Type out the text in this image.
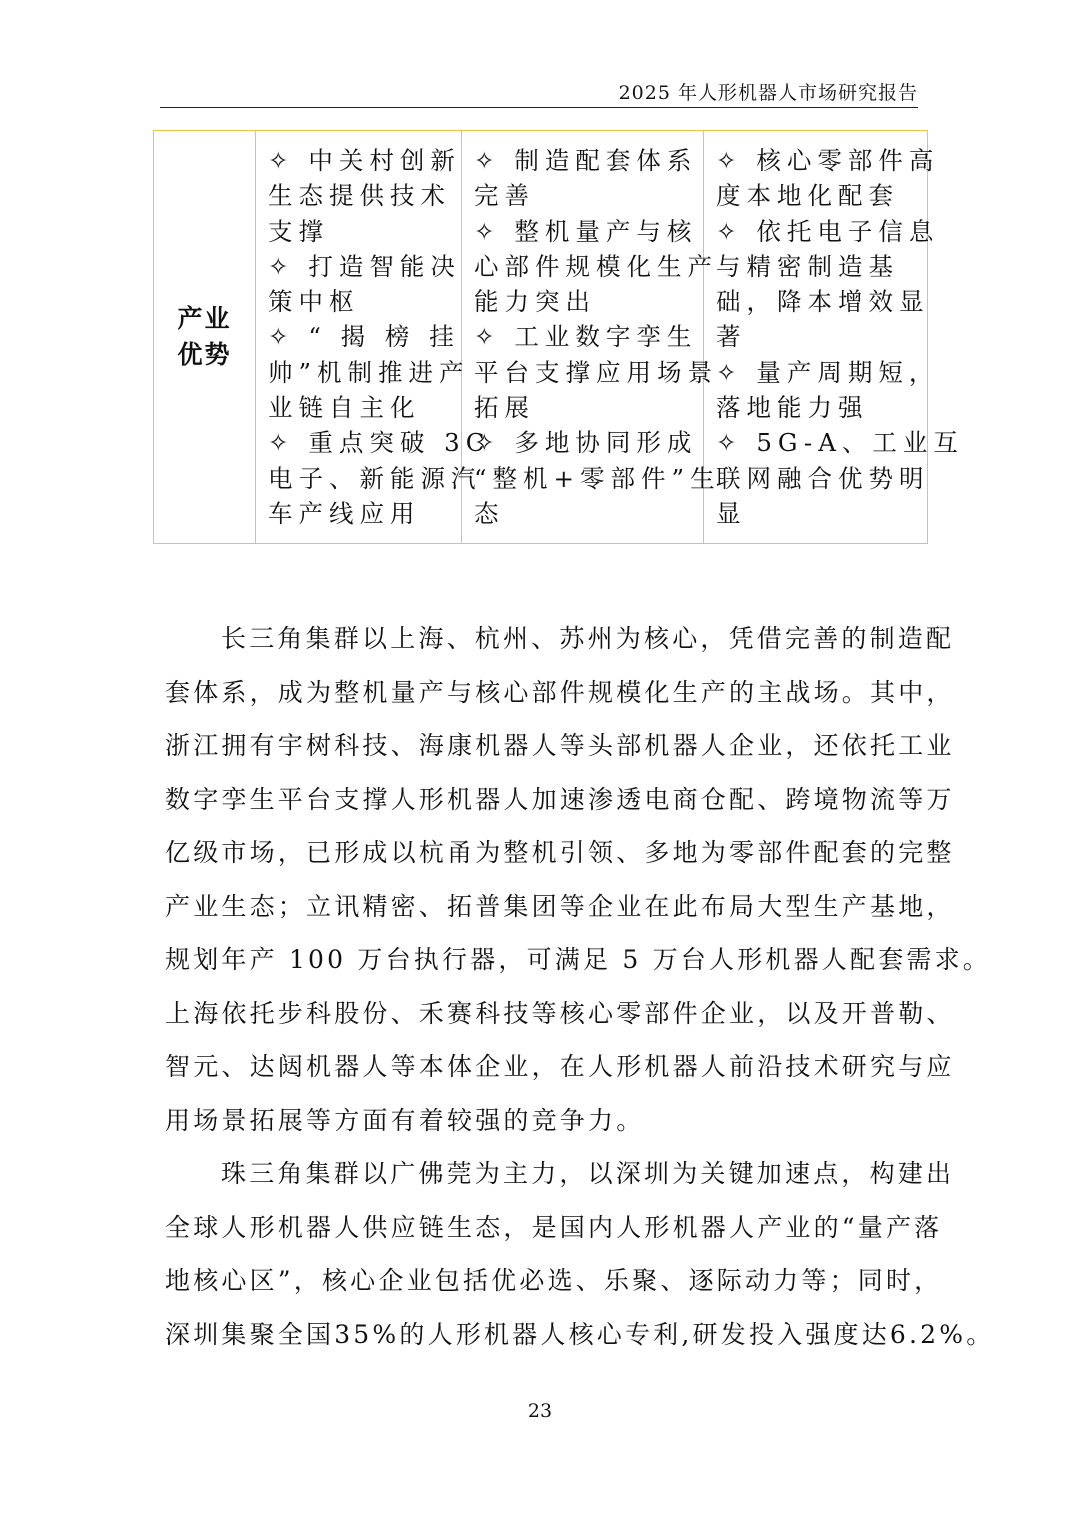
2025 年人形机器人市场研究报告
产业
优势

✧ 中关村创新
生态提供技术
支撑
✧ 打造智能决
策中枢
✧ “ 揭 榜 挂
帅”机制推进产
业链自主化
✧ 重点突破 3C
电子、新能源汽
车产线应用

✧ 制造配套体系
完善
✧ 整机量产与核
心部件规模化生产
能力突出
✧ 工业数字孪生
平台支撑应用场景
拓展
✧ 多地协同形成
“整机+零部件”生
态

✧ 核心零部件高
度本地化配套
✧ 依托电子信息
与精密制造基
础，降本增效显
著
✧ 量产周期短，
落地能力强
✧ 5G-A、工业互
联网融合优势明
显

长三角集群以上海、杭州、苏州为核心，凭借完善的制造配
套体系，成为整机量产与核心部件规模化生产的主战场。其中，
浙江拥有宇树科技、海康机器人等头部机器人企业，还依托工业
数字孪生平台支撑人形机器人加速渗透电商仓配、跨境物流等万
亿级市场，已形成以杭甬为整机引领、多地为零部件配套的完整
产业生态；立讯精密、拓普集团等企业在此布局大型生产基地，
规划年产 100 万台执行器，可满足 5 万台人形机器人配套需求。
上海依托步科股份、禾赛科技等核心零部件企业，以及开普勒、
智元、达闼机器人等本体企业，在人形机器人前沿技术研究与应
用场景拓展等方面有着较强的竞争力。

珠三角集群以广佛莞为主力，以深圳为关键加速点，构建出
全球人形机器人供应链生态，是国内人形机器人产业的“量产落
地核心区”，核心企业包括优必选、乐聚、逐际动力等；同时，
深圳集聚全国35%的人形机器人核心专利,研发投入强度达6.2%。

23
